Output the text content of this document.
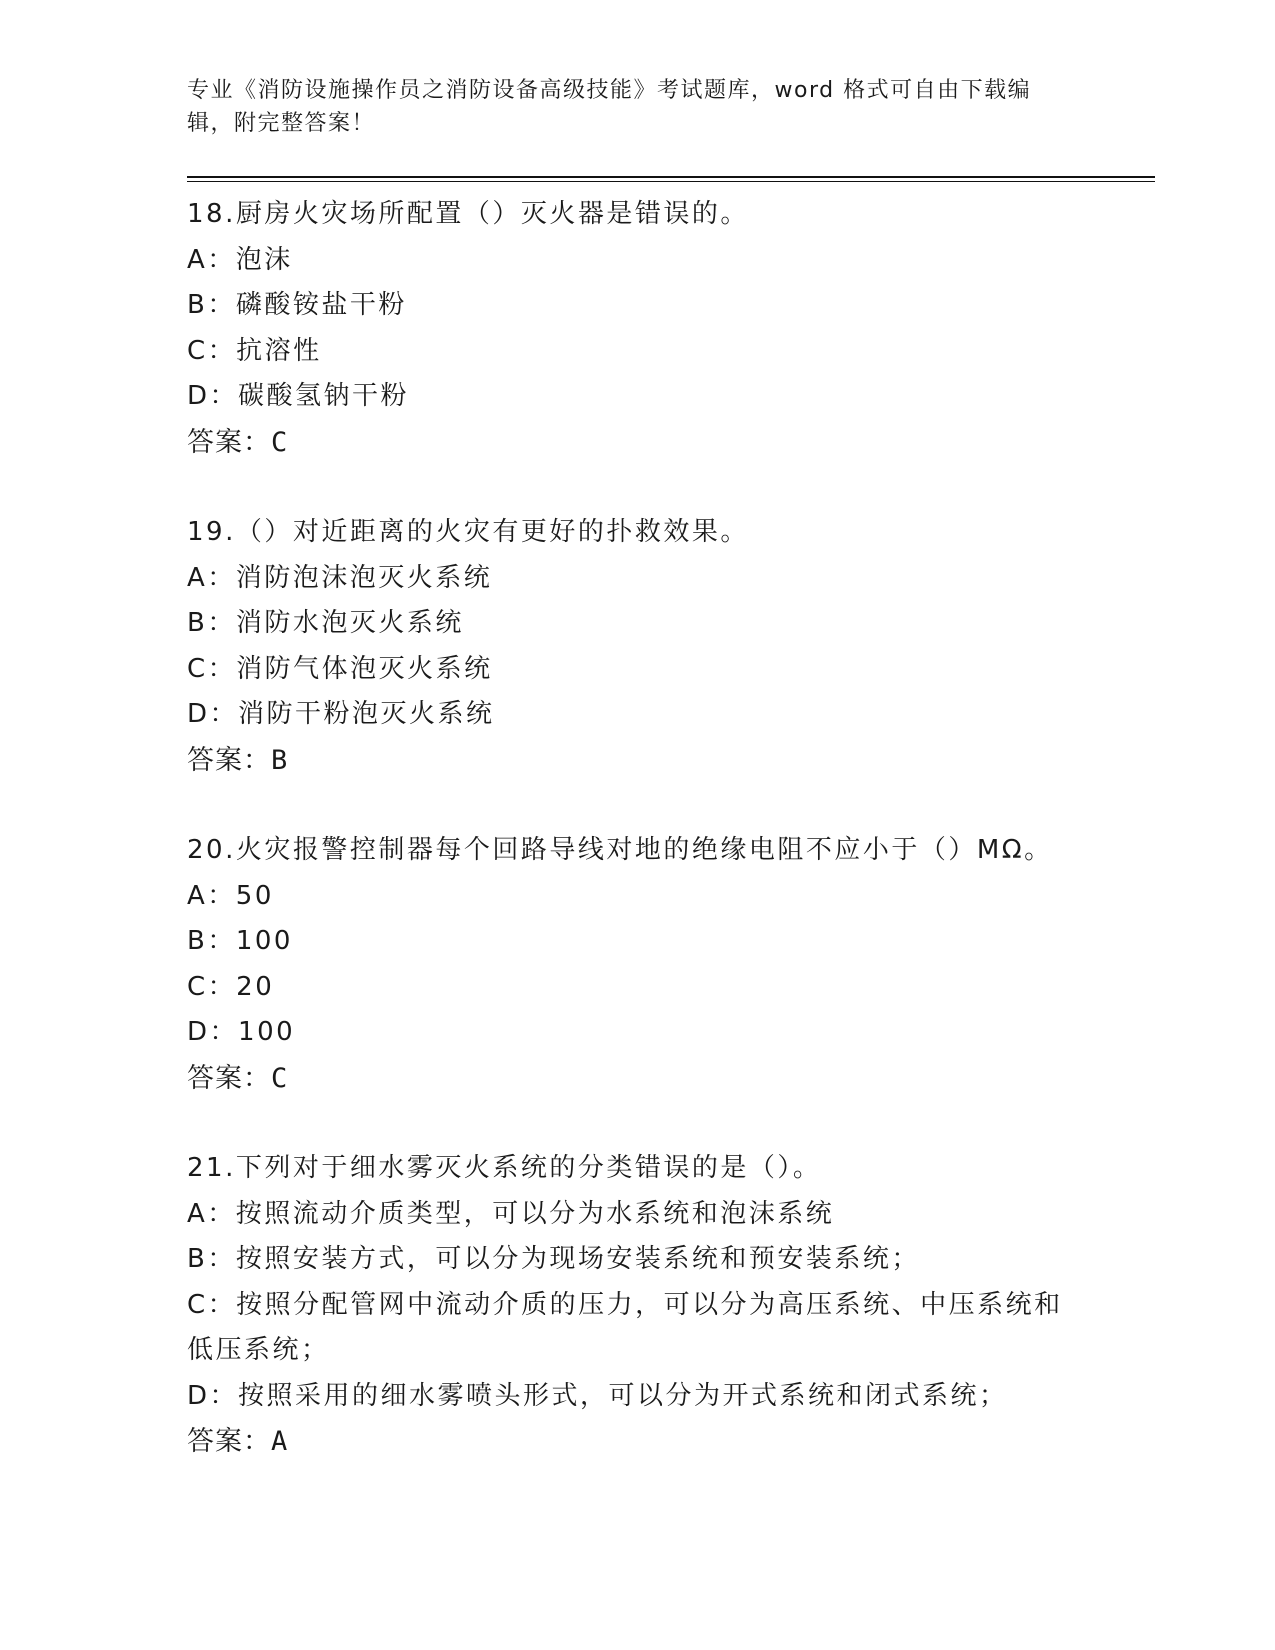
专业《消防设施操作员之消防设备高级技能》考试题库，word 格式可自由下载编
辑，附完整答案！
18.厨房火灾场所配置（）灭火器是错误的。
A：泡沫
B：磷酸铵盐干粉
C：抗溶性
D：碳酸氢钠干粉
答案：C
19.（）对近距离的火灾有更好的扑救效果。
A：消防泡沫泡灭火系统
B：消防水泡灭火系统
C：消防气体泡灭火系统
D：消防干粉泡灭火系统
答案：B
20.火灾报警控制器每个回路导线对地的绝缘电阻不应小于（）MΩ。
A：50
B：100
C：20
D：100
答案：C
21.下列对于细水雾灭火系统的分类错误的是（）。
A：按照流动介质类型，可以分为水系统和泡沫系统
B：按照安装方式，可以分为现场安装系统和预安装系统；
C：按照分配管网中流动介质的压力，可以分为高压系统、中压系统和低压系统；
D：按照采用的细水雾喷头形式，可以分为开式系统和闭式系统；
答案：A
